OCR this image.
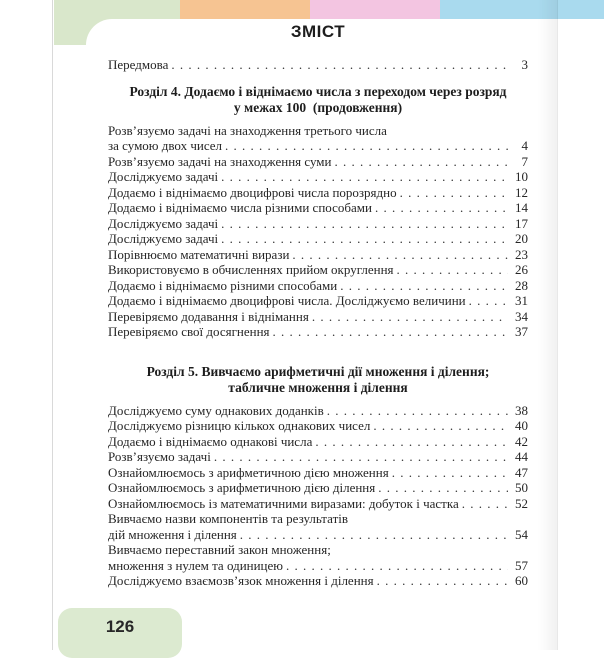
ЗМІСТ
Передмова . . .	3
Розділ 4. Додаємо і віднімаємо числа з переходом через розряд
у межах 100  (продовження)
Розв’язуємо задачі на знаходження третього числа
за сумою двох чисел . . .	4
Розв’язуємо задачі на знаходження суми . . .	7
Досліджуємо задачі . . .	10
Додаємо і віднімаємо двоцифрові числа порозрядно . . .	12
Додаємо і віднімаємо числа різними способами . . .	14
Досліджуємо задачі . . .	17
Досліджуємо задачі . . .	20
Порівнюємо математичні вирази . . .	23
Використовуємо в обчисленнях прийом округлення . . .	26
Додаємо і віднімаємо різними способами . . .	28
Додаємо і віднімаємо двоцифрові числа. Досліджуємо величини . . .	31
Перевіряємо додавання і віднімання . . .	34
Перевіряємо свої досягнення . . .	37
Розділ 5. Вивчаємо арифметичні дії множення і ділення;
табличне множення і ділення
Досліджуємо суму однакових доданків . . .	38
Досліджуємо різницю кількох однакових чисел . . .	40
Додаємо і віднімаємо однакові числа . . .	42
Розв’язуємо задачі . . .	44
Ознайомлюємось з арифметичною дією множення . . .	47
Ознайомлюємось з арифметичною дією ділення . . .	50
Ознайомлюємось із математичними виразами: добуток і частка . . .	52
Вивчаємо назви компонентів та результатів
дій множення і ділення . . .	54
Вивчаємо переставний закон множення;
множення з нулем та одиницею . . .	57
Досліджуємо взаємозв’язок множення і ділення . . .	60
126
